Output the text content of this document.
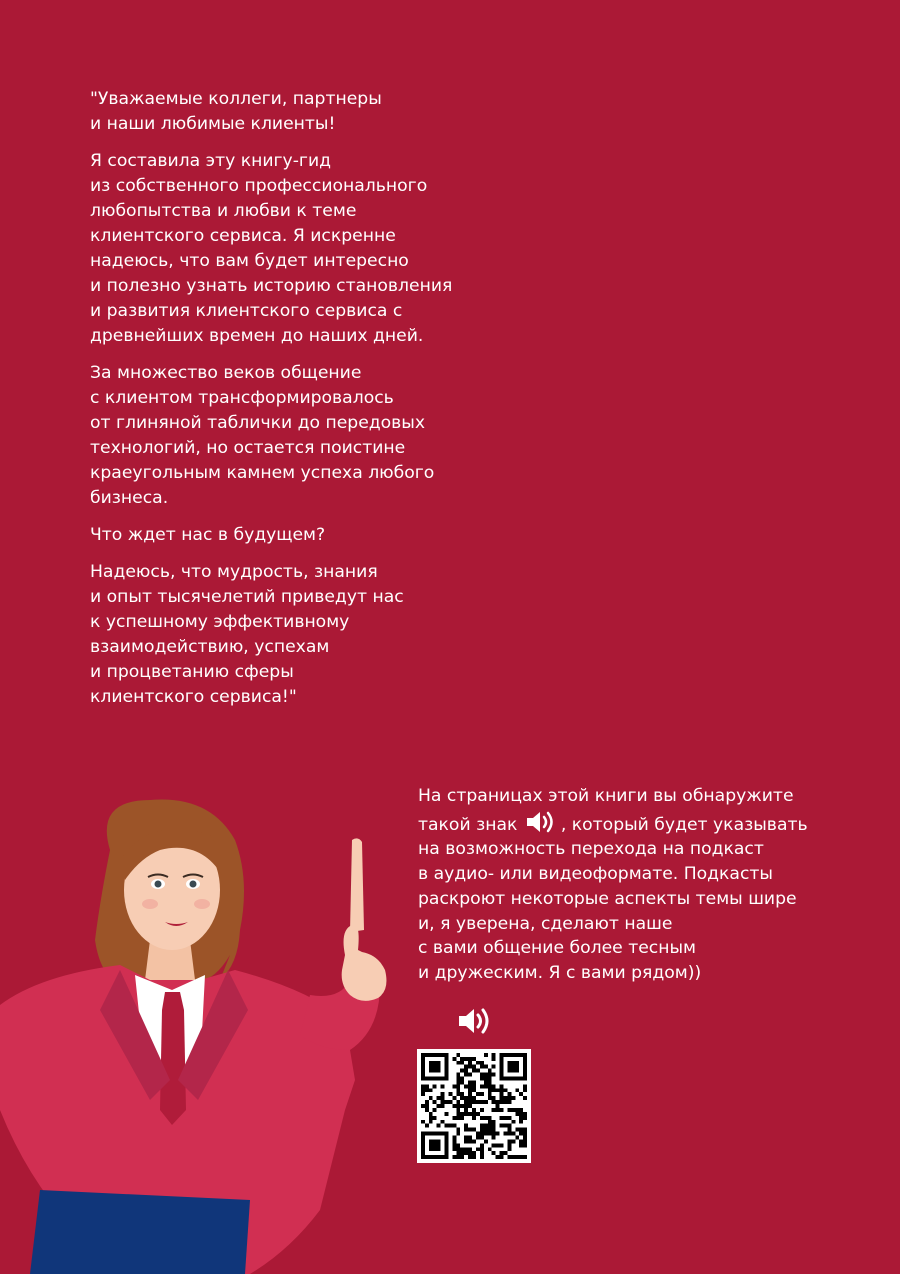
"Уважаемые коллеги, партнеры
и наши любимые клиенты!

Я составила эту книгу-гид
из собственного профессионального
любопытства и любви к теме
клиентского сервиса. Я искренне
надеюсь, что вам будет интересно
и полезно узнать историю становления
и развития клиентского сервиса с
древнейших времен до наших дней.

За множество веков общение
с клиентом трансформировалось
от глиняной таблички до передовых
технологий, но остается поистине
краеугольным камнем успеха любого
бизнеса.

Что ждет нас в будущем?

Надеюсь, что мудрость, знания
и опыт тысячелетий приведут нас
к успешному эффективному
взаимодействию, успехам
и процветанию сферы
клиентского сервиса!"

На страницах этой книги вы обнаружите
такой знак	, который будет указывать
на возможность перехода на подкаст
в аудио- или видеоформате. Подкасты
раскроют некоторые аспекты темы шире
и, я уверена, сделают наше
с вами общение более тесным
и дружеским. Я с вами рядом))
